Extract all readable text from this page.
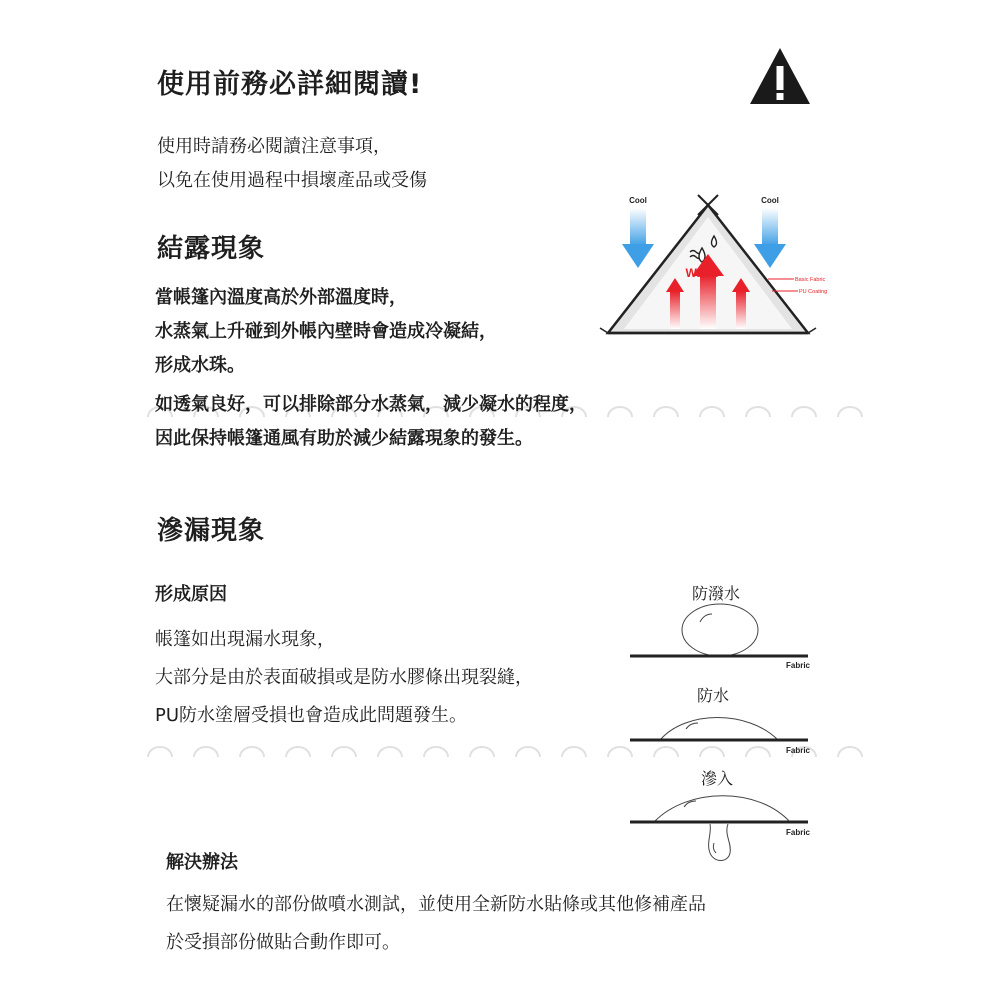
使用前務必詳細閱讀!
使用時請務必閱讀注意事項，
以免在使用過程中損壞產品或受傷
結露現象
當帳篷內溫度高於外部溫度時，
水蒸氣上升碰到外帳內壁時會造成冷凝結，
形成水珠。
Cool	Cool
Warm	Basic Fabric
PU Coating
如透氣良好，可以排除部分水蒸氣，減少凝水的程度，
因此保持帳篷通風有助於減少結露現象的發生。
滲漏現象
形成原因
帳篷如出現漏水現象，
大部分是由於表面破損或是防水膠條出現裂縫，
PU防水塗層受損也會造成此問題發生。
防潑水
Fabric
防水
Fabric
滲入
Fabric
解決辦法
在懷疑漏水的部份做噴水測試，並使用全新防水貼條或其他修補產品
於受損部份做貼合動作即可。
